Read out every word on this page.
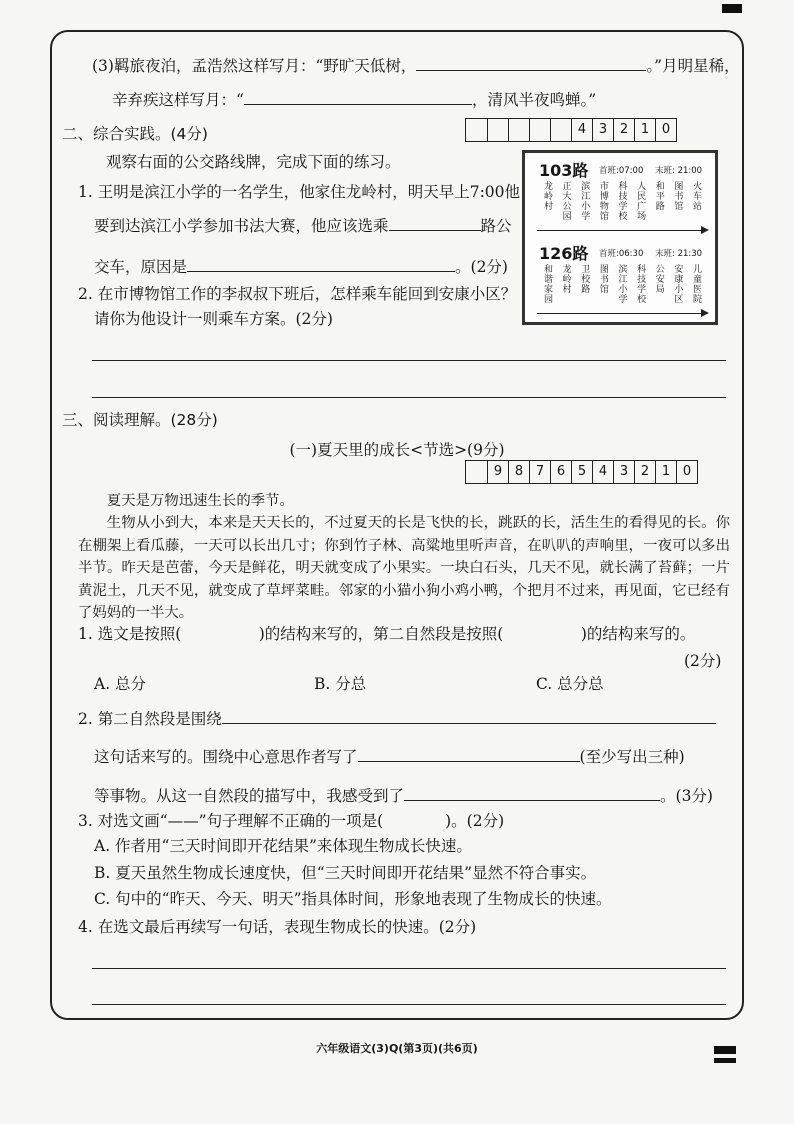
(3)羁旅夜泊，孟浩然这样写月：“野旷天低树，	。”月明星稀，
辛弃疾这样写月：“	，清风半夜鸣蝉。”
二、综合实践。(4分)	4 3 2 1 0
观察右面的公交路线牌，完成下面的练习。
1. 王明是滨江小学的一名学生，他家住龙岭村，明天早上7:00他
要到达滨江小学参加书法大赛，他应该选乘	路公
交车，原因是	。(2分)
2. 在市博物馆工作的李叔叔下班后，怎样乘车能回到安康小区？
请你为他设计一则乘车方案。(2分)
103路 首班:07:00 末班: 21:00
龙岭村 正大公园 滨江小学 市博物馆 科技学校 人民广场 和平路 图书馆 火车站
126路 首班:06:30 末班: 21:30
和谐家园 龙岭村 卫校路 图书馆 滨江小学 科技学校 公安局 安康小区 儿童医院
三、阅读理解。(28分)
(一)夏天里的成长<节选>(9分)
9 8 7 6 5 4 3 2 1 0
夏天是万物迅速生长的季节。
生物从小到大，本来是天天长的，不过夏天的长是飞快的长，跳跃的长，活生生的看得见的长。你在棚架上看瓜藤，一天可以长出几寸；你到竹子林、高粱地里听声音，在叭叭的声响里，一夜可以多出半节。昨天是芭蕾，今天是鲜花，明天就变成了小果实。一块白石头，几天不见，就长满了苔藓；一片黄泥土，几天不见，就变成了草坪菜畦。邻家的小猫小狗小鸡小鸭，个把月不过来，再见面，它已经有了妈妈的一半大。
1. 选文是按照(　　　　　)的结构来写的，第二自然段是按照(　　　　　)的结构来写的。
(2分)
A. 总分	B. 分总	C. 总分总
2. 第二自然段是围绕
这句话来写的。围绕中心意思作者写了	(至少写出三种)
等事物。从这一自然段的描写中，我感受到了	。(3分)
3. 对选文画“——”句子理解不正确的一项是(　　　　)。(2分)
A. 作者用“三天时间即开花结果”来体现生物成长快速。
B. 夏天虽然生物成长速度快，但“三天时间即开花结果”显然不符合事实。
C. 句中的“昨天、今天、明天”指具体时间，形象地表现了生物成长的快速。
4. 在选文最后再续写一句话，表现生物成长的快速。(2分)
六年级语文(3)Q(第3页)(共6页)
